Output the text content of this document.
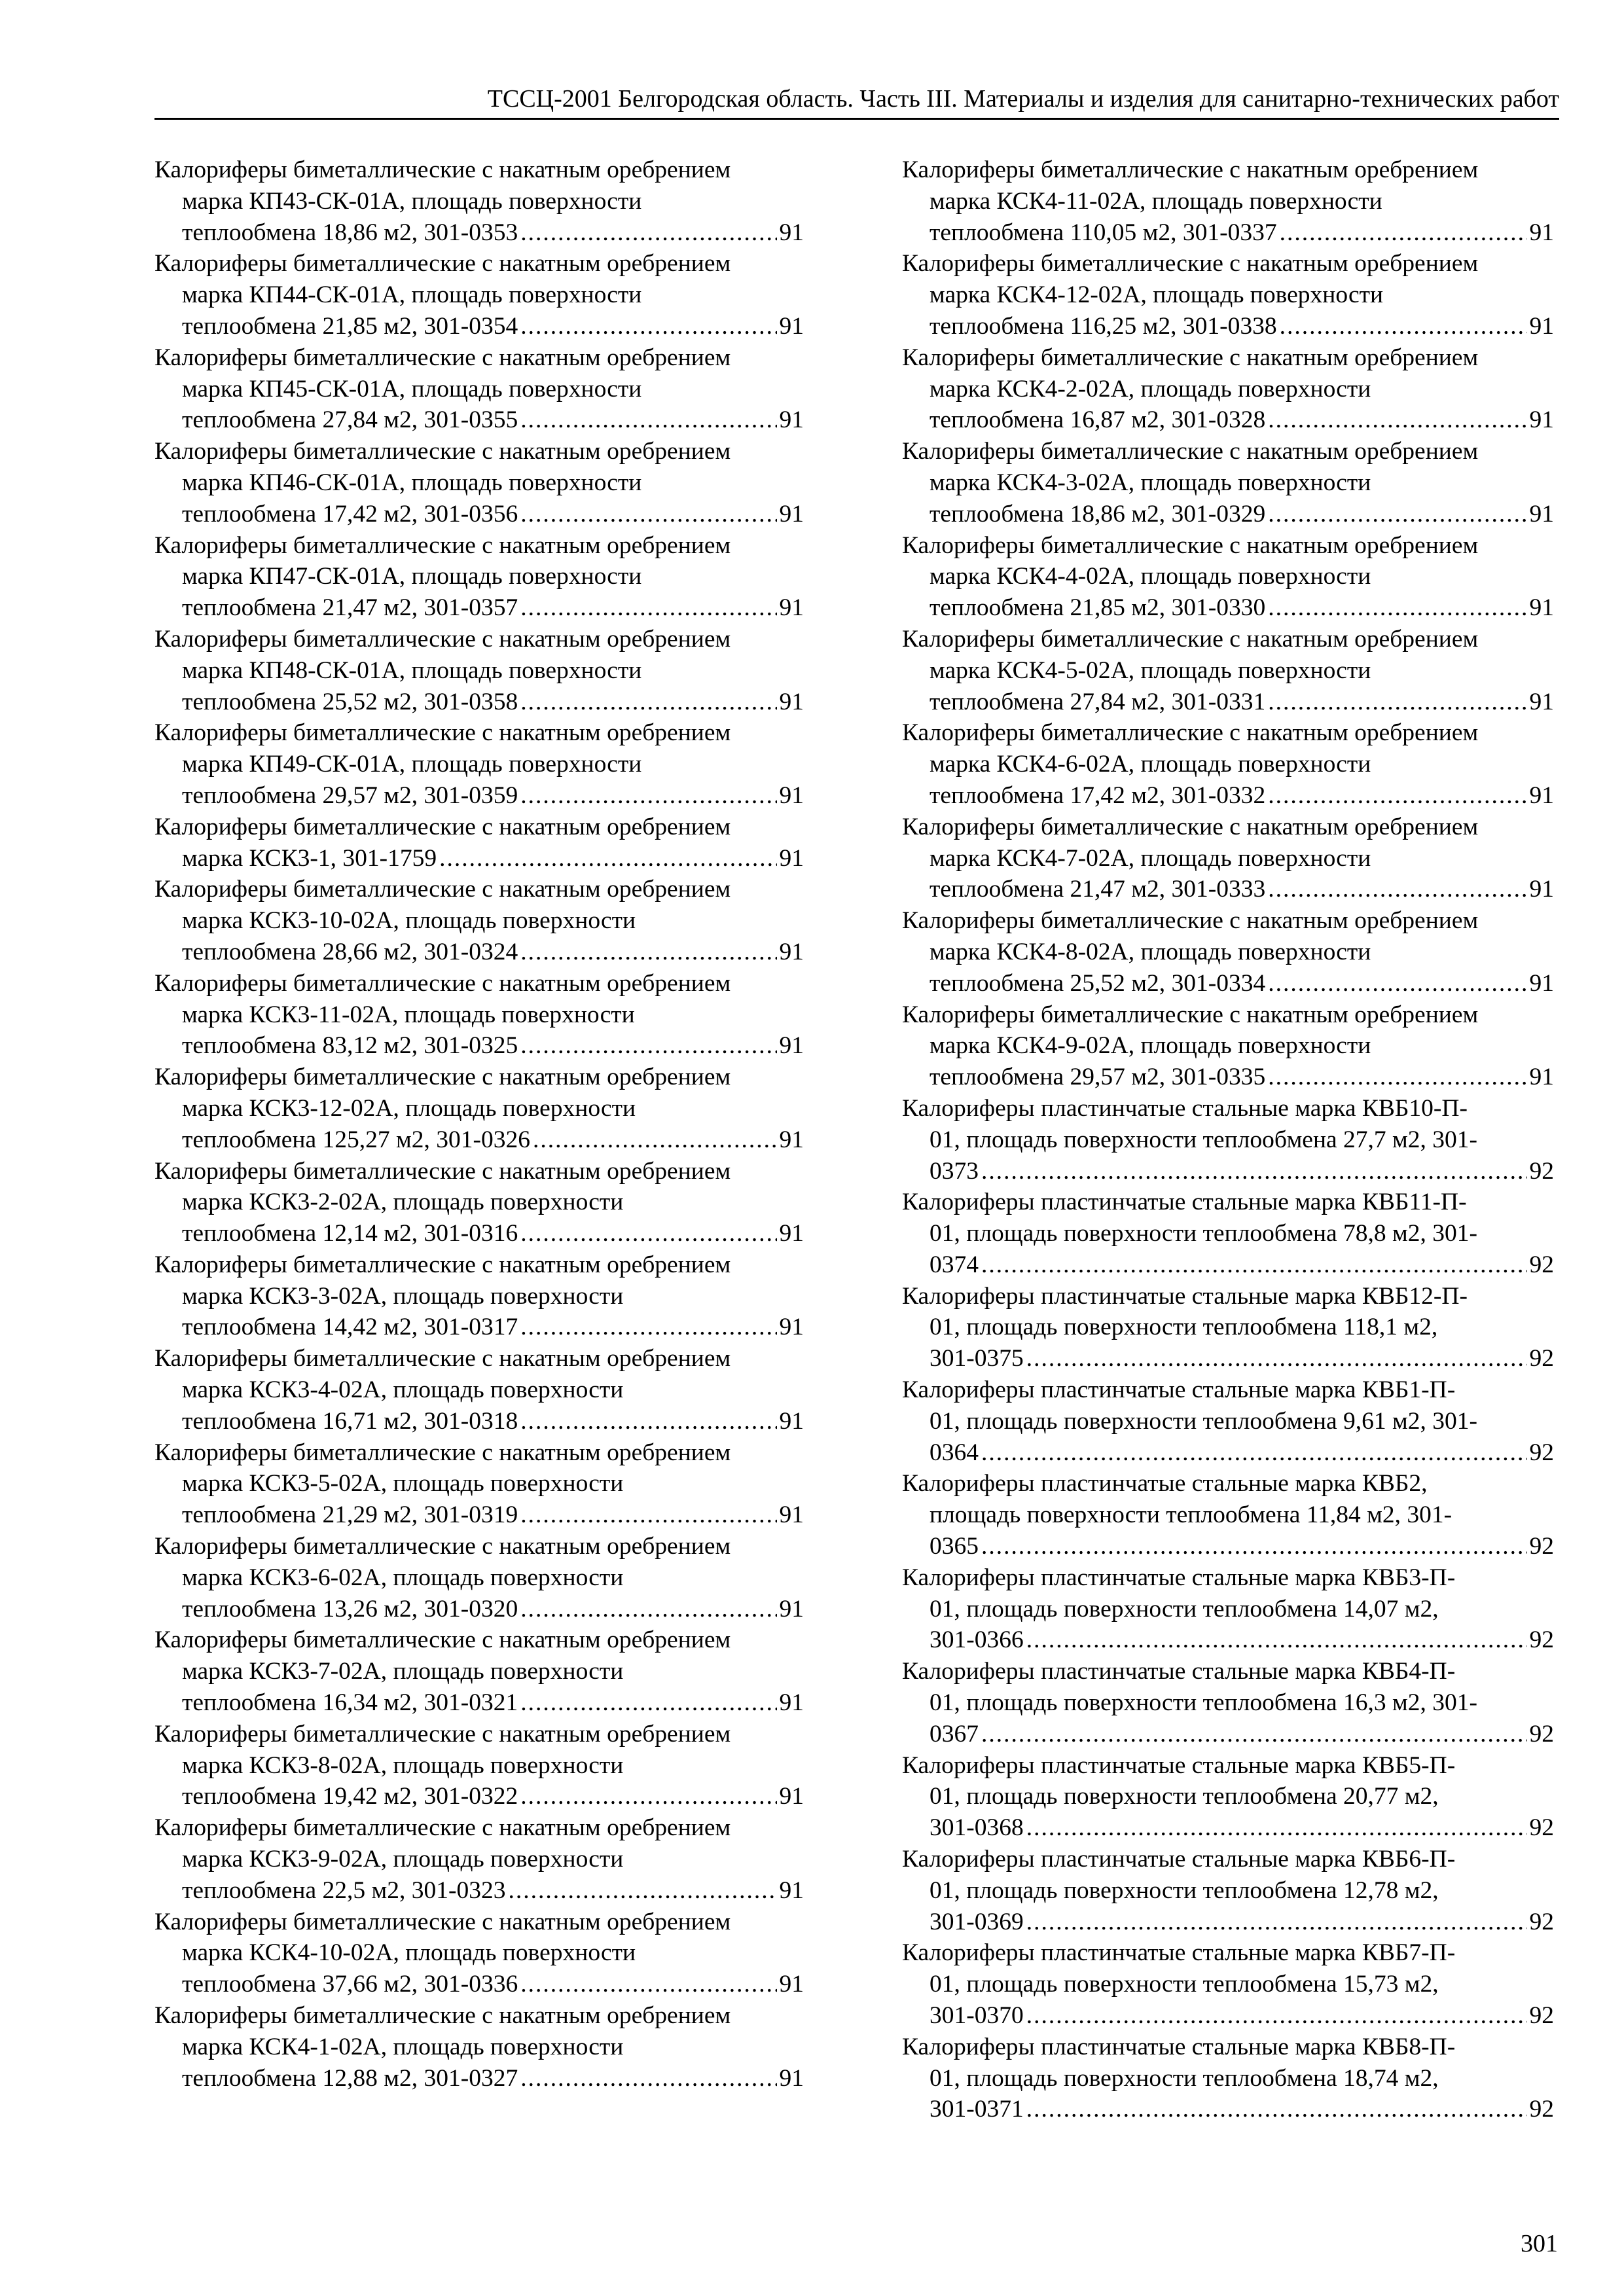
ТССЦ-2001 Белгородская область. Часть III. Материалы и изделия для санитарно-технических работ
Калориферы биметаллические с накатным оребрением
марка КП43-СК-01А, площадь поверхности
теплообмена 18,86 м2, 301-0353 .....	91
Калориферы биметаллические с накатным оребрением
марка КП44-СК-01А, площадь поверхности
теплообмена 21,85 м2, 301-0354 .....	91
Калориферы биметаллические с накатным оребрением
марка КП45-СК-01А, площадь поверхности
теплообмена 27,84 м2, 301-0355 .....	91
Калориферы биметаллические с накатным оребрением
марка КП46-СК-01А, площадь поверхности
теплообмена 17,42 м2, 301-0356 .....	91
Калориферы биметаллические с накатным оребрением
марка КП47-СК-01А, площадь поверхности
теплообмена 21,47 м2, 301-0357 .....	91
Калориферы биметаллические с накатным оребрением
марка КП48-СК-01А, площадь поверхности
теплообмена 25,52 м2, 301-0358 .....	91
Калориферы биметаллические с накатным оребрением
марка КП49-СК-01А, площадь поверхности
теплообмена 29,57 м2, 301-0359 .....	91
Калориферы биметаллические с накатным оребрением
марка КСК3-1, 301-1759 .....	91
Калориферы биметаллические с накатным оребрением
марка КСК3-10-02А, площадь поверхности
теплообмена 28,66 м2, 301-0324 .....	91
Калориферы биметаллические с накатным оребрением
марка КСК3-11-02А, площадь поверхности
теплообмена 83,12 м2, 301-0325 .....	91
Калориферы биметаллические с накатным оребрением
марка КСК3-12-02А, площадь поверхности
теплообмена 125,27 м2, 301-0326 .....	91
Калориферы биметаллические с накатным оребрением
марка КСК3-2-02А, площадь поверхности
теплообмена 12,14 м2, 301-0316 .....	91
Калориферы биметаллические с накатным оребрением
марка КСК3-3-02А, площадь поверхности
теплообмена 14,42 м2, 301-0317 .....	91
Калориферы биметаллические с накатным оребрением
марка КСК3-4-02А, площадь поверхности
теплообмена 16,71 м2, 301-0318 .....	91
Калориферы биметаллические с накатным оребрением
марка КСК3-5-02А, площадь поверхности
теплообмена 21,29 м2, 301-0319 .....	91
Калориферы биметаллические с накатным оребрением
марка КСК3-6-02А, площадь поверхности
теплообмена 13,26 м2, 301-0320 .....	91
Калориферы биметаллические с накатным оребрением
марка КСК3-7-02А, площадь поверхности
теплообмена 16,34 м2, 301-0321 .....	91
Калориферы биметаллические с накатным оребрением
марка КСК3-8-02А, площадь поверхности
теплообмена 19,42 м2, 301-0322 .....	91
Калориферы биметаллические с накатным оребрением
марка КСК3-9-02А, площадь поверхности
теплообмена 22,5 м2, 301-0323 .....	91
Калориферы биметаллические с накатным оребрением
марка КСК4-10-02А, площадь поверхности
теплообмена 37,66 м2, 301-0336 .....	91
Калориферы биметаллические с накатным оребрением
марка КСК4-1-02А, площадь поверхности
теплообмена 12,88 м2, 301-0327 .....	91
Калориферы биметаллические с накатным оребрением
марка КСК4-11-02А, площадь поверхности
теплообмена 110,05 м2, 301-0337 .....	91
Калориферы биметаллические с накатным оребрением
марка КСК4-12-02А, площадь поверхности
теплообмена 116,25 м2, 301-0338 .....	91
Калориферы биметаллические с накатным оребрением
марка КСК4-2-02А, площадь поверхности
теплообмена 16,87 м2, 301-0328 .....	91
Калориферы биметаллические с накатным оребрением
марка КСК4-3-02А, площадь поверхности
теплообмена 18,86 м2, 301-0329 .....	91
Калориферы биметаллические с накатным оребрением
марка КСК4-4-02А, площадь поверхности
теплообмена 21,85 м2, 301-0330 .....	91
Калориферы биметаллические с накатным оребрением
марка КСК4-5-02А, площадь поверхности
теплообмена 27,84 м2, 301-0331 .....	91
Калориферы биметаллические с накатным оребрением
марка КСК4-6-02А, площадь поверхности
теплообмена 17,42 м2, 301-0332 .....	91
Калориферы биметаллические с накатным оребрением
марка КСК4-7-02А, площадь поверхности
теплообмена 21,47 м2, 301-0333 .....	91
Калориферы биметаллические с накатным оребрением
марка КСК4-8-02А, площадь поверхности
теплообмена 25,52 м2, 301-0334 .....	91
Калориферы биметаллические с накатным оребрением
марка КСК4-9-02А, площадь поверхности
теплообмена 29,57 м2, 301-0335 .....	91
Калориферы пластинчатые стальные марка КВБ10-П-
01, площадь поверхности теплообмена 27,7 м2, 301-
0373 .....	92
Калориферы пластинчатые стальные марка КВБ11-П-
01, площадь поверхности теплообмена 78,8 м2, 301-
0374 .....	92
Калориферы пластинчатые стальные марка КВБ12-П-
01, площадь поверхности теплообмена 118,1 м2,
301-0375 .....	92
Калориферы пластинчатые стальные марка КВБ1-П-
01, площадь поверхности теплообмена 9,61 м2, 301-
0364 .....	92
Калориферы пластинчатые стальные марка КВБ2,
площадь поверхности теплообмена 11,84 м2, 301-
0365 .....	92
Калориферы пластинчатые стальные марка КВБ3-П-
01, площадь поверхности теплообмена 14,07 м2,
301-0366 .....	92
Калориферы пластинчатые стальные марка КВБ4-П-
01, площадь поверхности теплообмена 16,3 м2, 301-
0367 .....	92
Калориферы пластинчатые стальные марка КВБ5-П-
01, площадь поверхности теплообмена 20,77 м2,
301-0368 .....	92
Калориферы пластинчатые стальные марка КВБ6-П-
01, площадь поверхности теплообмена 12,78 м2,
301-0369 .....	92
Калориферы пластинчатые стальные марка КВБ7-П-
01, площадь поверхности теплообмена 15,73 м2,
301-0370 .....	92
Калориферы пластинчатые стальные марка КВБ8-П-
01, площадь поверхности теплообмена 18,74 м2,
301-0371 .....	92
301
